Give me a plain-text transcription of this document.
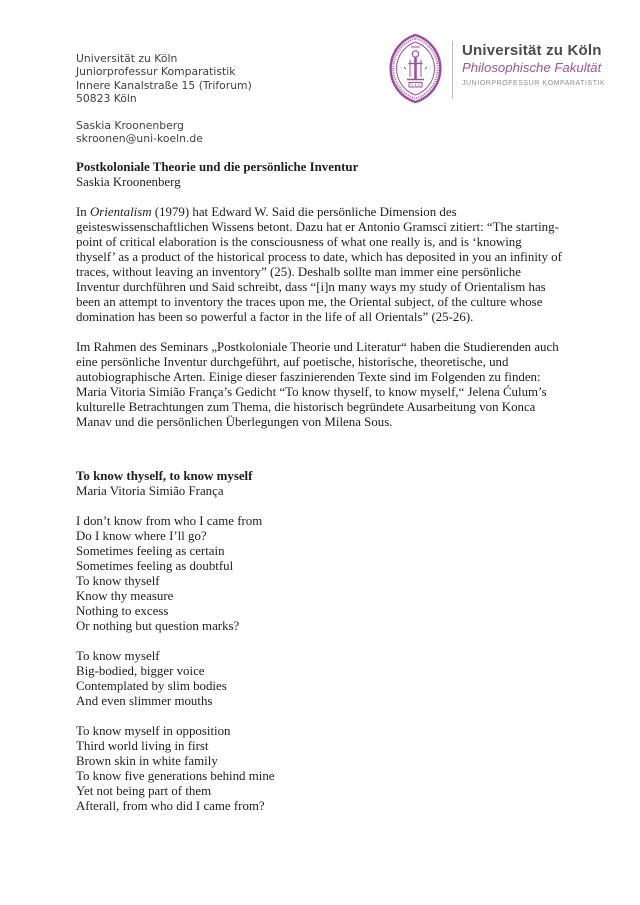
Universität zu Köln
Juniorprofessur Komparatistik
Innere Kanalstraße 15 (Triforum)
50823 Köln
Saskia Kroonenberg
skroonen@uni-koeln.de
Universität zu Köln
Philosophische Fakultät
JUNIORPROFESSUR KOMPARATISTIK
Postkoloniale Theorie und die persönliche Inventur
Saskia Kroonenberg
In Orientalism (1979) hat Edward W. Said die persönliche Dimension des
geisteswissenschaftlichen Wissens betont. Dazu hat er Antonio Gramsci zitiert: “The starting-
point of critical elaboration is the consciousness of what one really is, and is ‘knowing
thyself’ as a product of the historical process to date, which has deposited in you an infinity of
traces, without leaving an inventory” (25). Deshalb sollte man immer eine persönliche
Inventur durchführen und Said schreibt, dass “[i]n many ways my study of Orientalism has
been an attempt to inventory the traces upon me, the Oriental subject, of the culture whose
domination has been so powerful a factor in the life of all Orientals” (25-26).
Im Rahmen des Seminars „Postkoloniale Theorie und Literatur“ haben die Studierenden auch
eine persönliche Inventur durchgeführt, auf poetische, historische, theoretische, und
autobiographische Arten. Einige dieser faszinierenden Texte sind im Folgenden zu finden:
Maria Vitoria Simião França’s Gedicht “To know thyself, to know myself,“ Jelena Ćulum’s
kulturelle Betrachtungen zum Thema, die historisch begründete Ausarbeitung von Konca
Manav und die persönlichen Überlegungen von Milena Sous.
To know thyself, to know myself
Maria Vitoria Simião França
I don’t know from who I came from
Do I know where I’ll go?
Sometimes feeling as certain
Sometimes feeling as doubtful
To know thyself
Know thy measure
Nothing to excess
Or nothing but question marks?
To know myself
Big-bodied, bigger voice
Contemplated by slim bodies
And even slimmer mouths
To know myself in opposition
Third world living in first
Brown skin in white family
To know five generations behind mine
Yet not being part of them
Afterall, from who did I came from?
